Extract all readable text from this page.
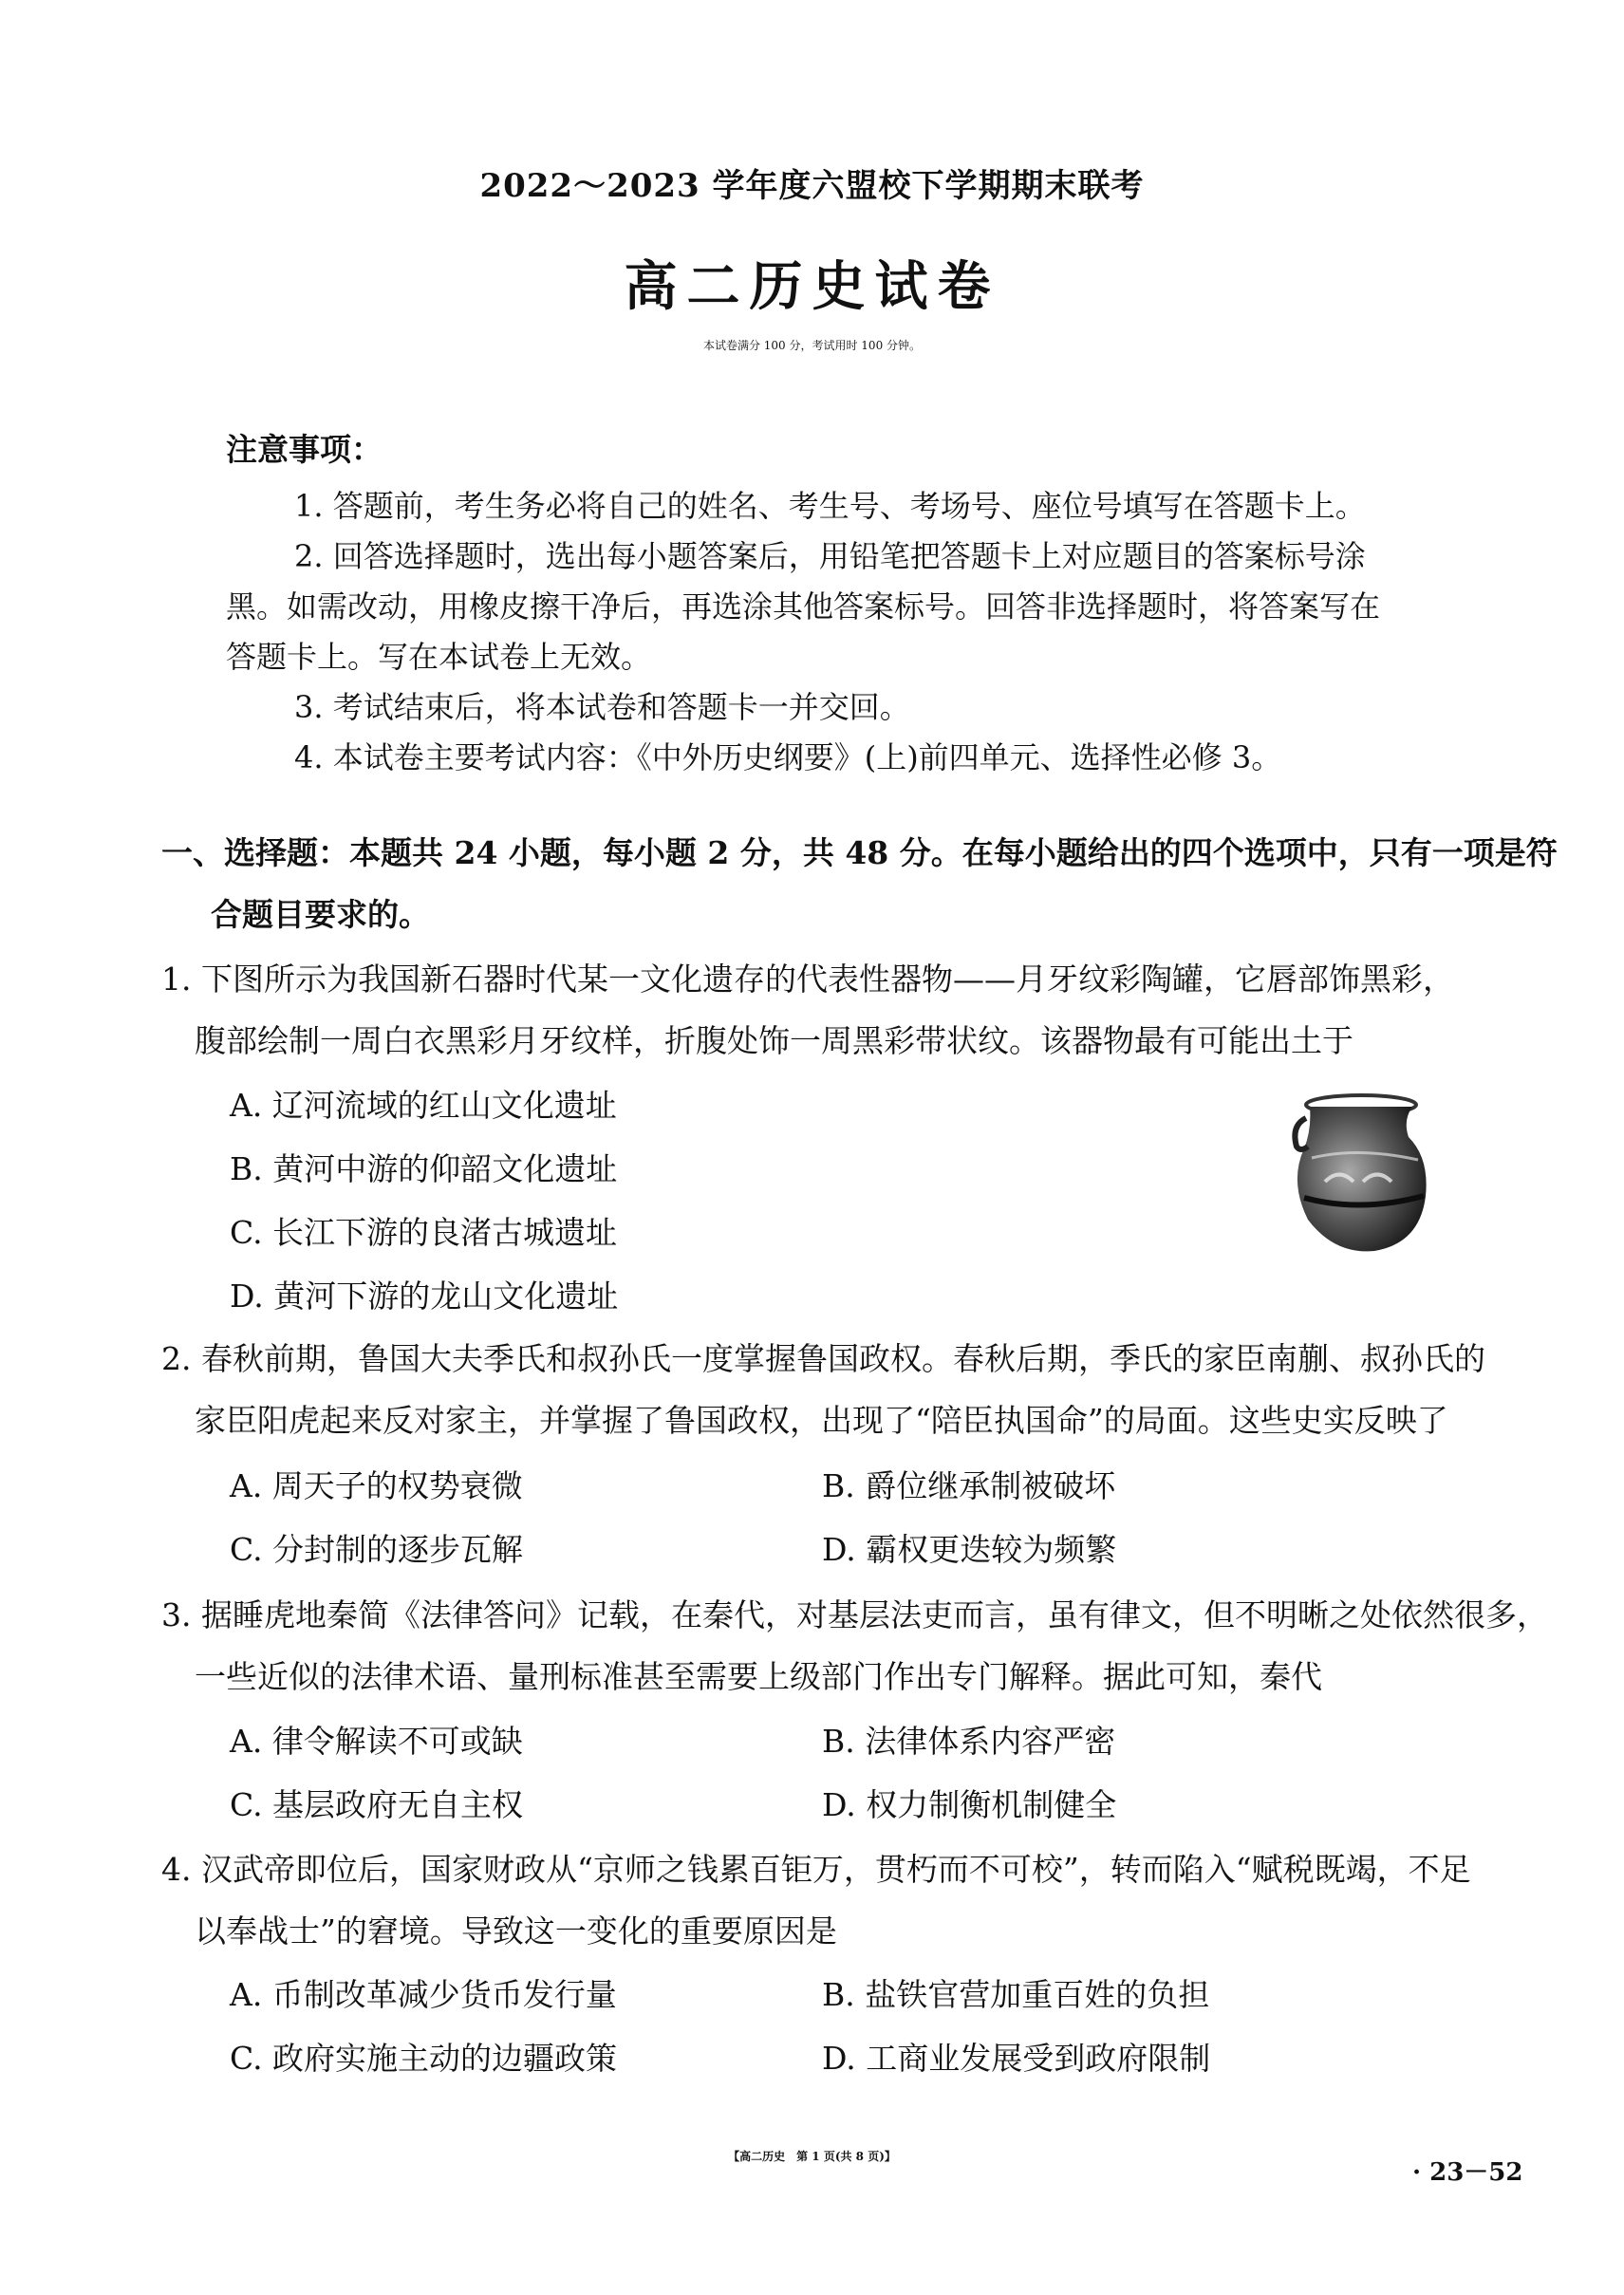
2022～2023 学年度六盟校下学期期末联考
高二历史试卷
本试卷满分 100 分，考试用时 100 分钟。
注意事项：
1. 答题前，考生务必将自己的姓名、考生号、考场号、座位号填写在答题卡上。
2. 回答选择题时，选出每小题答案后，用铅笔把答题卡上对应题目的答案标号涂
黑。如需改动，用橡皮擦干净后，再选涂其他答案标号。回答非选择题时，将答案写在
答题卡上。写在本试卷上无效。
3. 考试结束后，将本试卷和答题卡一并交回。
4. 本试卷主要考试内容：《中外历史纲要》(上)前四单元、选择性必修 3。
一、选择题：本题共 24 小题，每小题 2 分，共 48 分。在每小题给出的四个选项中，只有一项是符
合题目要求的。
1. 下图所示为我国新石器时代某一文化遗存的代表性器物——月牙纹彩陶罐，它唇部饰黑彩，
腹部绘制一周白衣黑彩月牙纹样，折腹处饰一周黑彩带状纹。该器物最有可能出土于
A. 辽河流域的红山文化遗址
B. 黄河中游的仰韶文化遗址
C. 长江下游的良渚古城遗址
D. 黄河下游的龙山文化遗址
2. 春秋前期，鲁国大夫季氏和叔孙氏一度掌握鲁国政权。春秋后期，季氏的家臣南蒯、叔孙氏的
家臣阳虎起来反对家主，并掌握了鲁国政权，出现了“陪臣执国命”的局面。这些史实反映了
A. 周天子的权势衰微	B. 爵位继承制被破坏
C. 分封制的逐步瓦解	D. 霸权更迭较为频繁
3. 据睡虎地秦简《法律答问》记载，在秦代，对基层法吏而言，虽有律文，但不明晰之处依然很多，
一些近似的法律术语、量刑标准甚至需要上级部门作出专门解释。据此可知，秦代
A. 律令解读不可或缺	B. 法律体系内容严密
C. 基层政府无自主权	D. 权力制衡机制健全
4. 汉武帝即位后，国家财政从“京师之钱累百钜万，贯朽而不可校”，转而陷入“赋税既竭，不足
以奉战士”的窘境。导致这一变化的重要原因是
A. 币制改革减少货币发行量	B. 盐铁官营加重百姓的负担
C. 政府实施主动的边疆政策	D. 工商业发展受到政府限制
【高二历史　第 1 页(共 8 页)】
· 23－52
